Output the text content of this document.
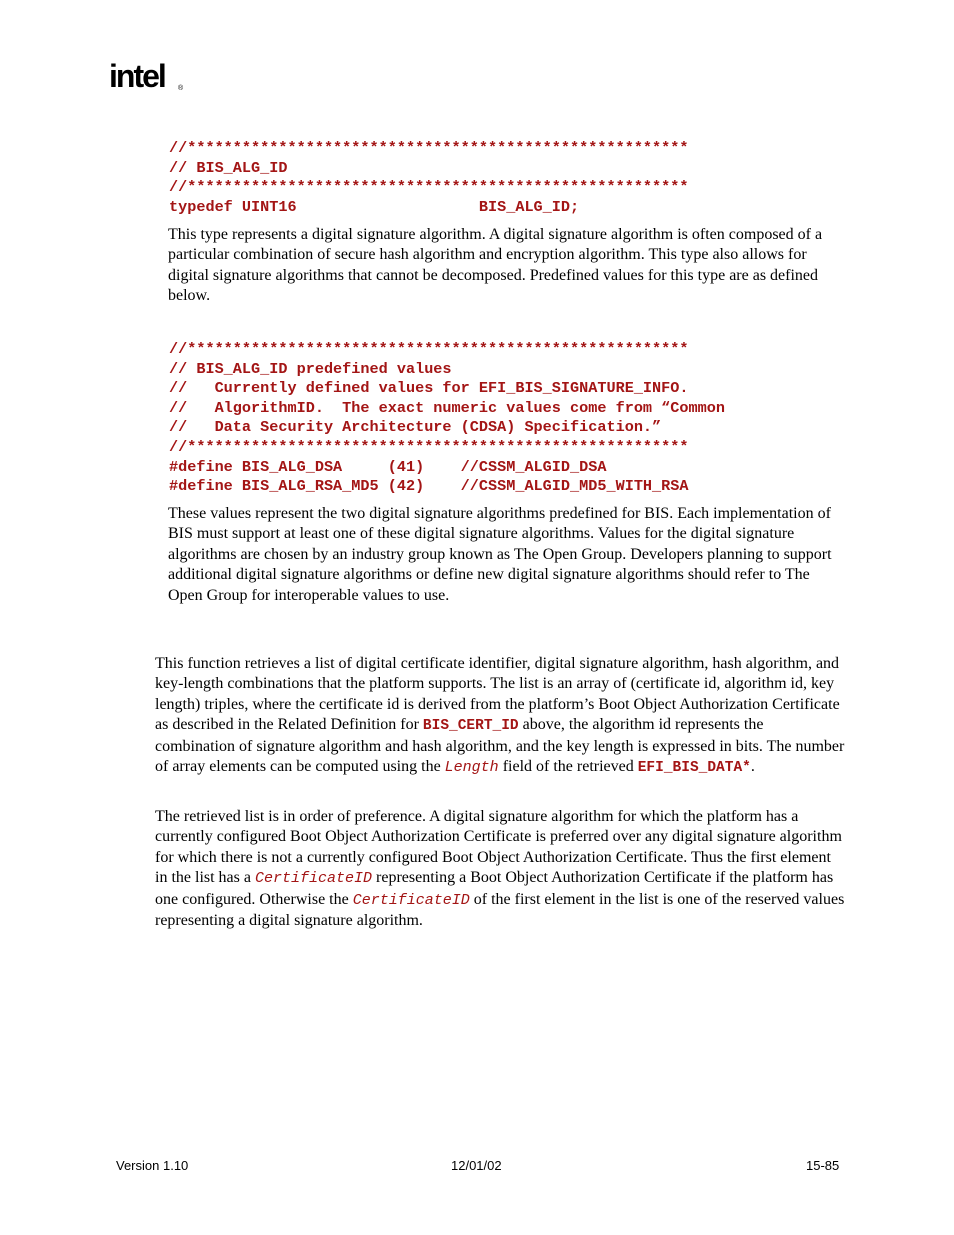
intel ®
//*******************************************************
// BIS_ALG_ID
//*******************************************************
typedef UINT16                    BIS_ALG_ID;

This type represents a digital signature algorithm. A digital signature algorithm is often composed of a particular combination of secure hash algorithm and encryption algorithm. This type also allows for digital signature algorithms that cannot be decomposed. Predefined values for this type are as defined below.

//*******************************************************
// BIS_ALG_ID predefined values
//   Currently defined values for EFI_BIS_SIGNATURE_INFO.
//   AlgorithmID.  The exact numeric values come from “Common
//   Data Security Architecture (CDSA) Specification.”
//*******************************************************
#define BIS_ALG_DSA     (41)    //CSSM_ALGID_DSA
#define BIS_ALG_RSA_MD5 (42)    //CSSM_ALGID_MD5_WITH_RSA

These values represent the two digital signature algorithms predefined for BIS. Each implementation of BIS must support at least one of these digital signature algorithms. Values for the digital signature algorithms are chosen by an industry group known as The Open Group. Developers planning to support additional digital signature algorithms or define new digital signature algorithms should refer to The Open Group for interoperable values to use.

This function retrieves a list of digital certificate identifier, digital signature algorithm, hash algorithm, and key-length combinations that the platform supports. The list is an array of (certificate id, algorithm id, key length) triples, where the certificate id is derived from the platform’s Boot Object Authorization Certificate as described in the Related Definition for BIS_CERT_ID above, the algorithm id represents the combination of signature algorithm and hash algorithm, and the key length is expressed in bits. The number of array elements can be computed using the Length field of the retrieved EFI_BIS_DATA*.

The retrieved list is in order of preference. A digital signature algorithm for which the platform has a currently configured Boot Object Authorization Certificate is preferred over any digital signature algorithm for which there is not a currently configured Boot Object Authorization Certificate. Thus the first element in the list has a CertificateID representing a Boot Object Authorization Certificate if the platform has one configured. Otherwise the CertificateID of the first element in the list is one of the reserved values representing a digital signature algorithm.

Version 1.10	12/01/02	15-85
